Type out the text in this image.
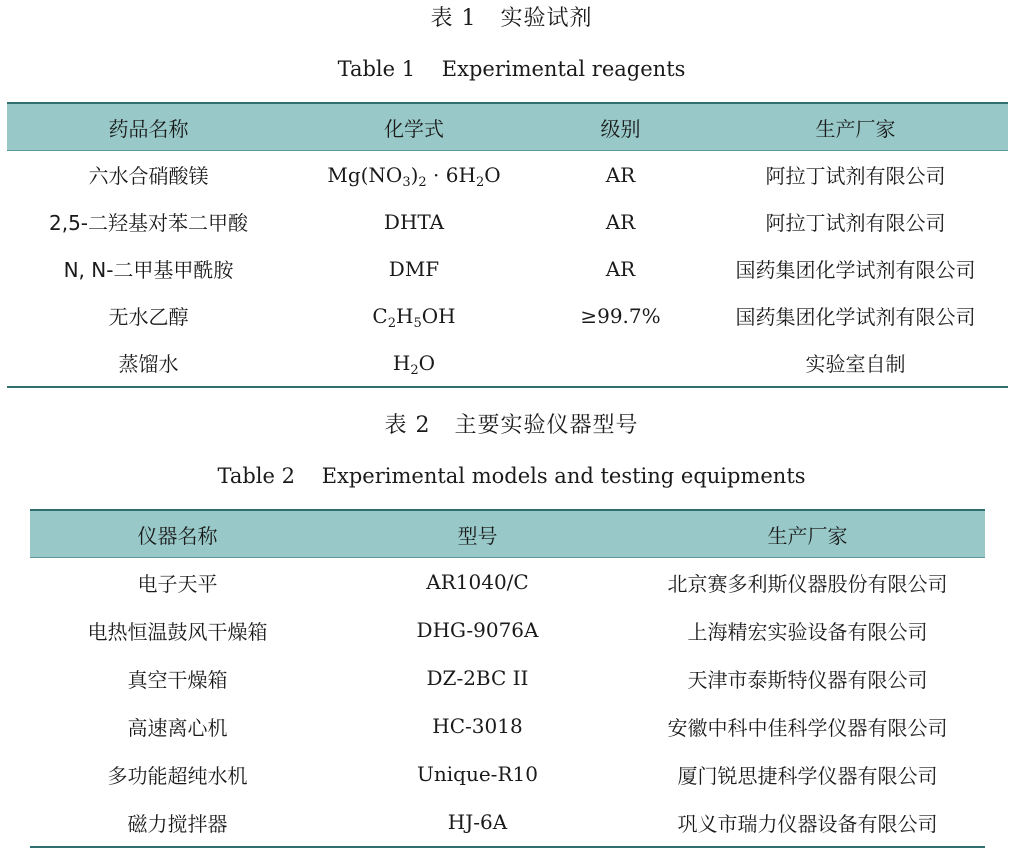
表 1 实验试剂
Table 1 Experimental reagents
药品名称	化学式	级别	生产厂家
六水合硝酸镁	$Mg(NO_3)_2 \cdot 6H_2O$	AR	阿拉丁试剂有限公司
2,5-二羟基对苯二甲酸	DHTA	AR	阿拉丁试剂有限公司
N, N-二甲基甲酰胺	DMF	AR	国药集团化学试剂有限公司
无水乙醇	$C_2H_5OH$	≥99.7%	国药集团化学试剂有限公司
蒸馏水	$H_2O$		实验室自制
表 2 主要实验仪器型号
Table 2 Experimental models and testing equipments
仪器名称	型号	生产厂家
电子天平	AR1040/C	北京赛多利斯仪器股份有限公司
电热恒温鼓风干燥箱	DHG-9076A	上海精宏实验设备有限公司
真空干燥箱	DZ-2BC II	天津市泰斯特仪器有限公司
高速离心机	HC-3018	安徽中科中佳科学仪器有限公司
多功能超纯水机	Unique-R10	厦门锐思捷科学仪器有限公司
磁力搅拌器	HJ-6A	巩义市瑞力仪器设备有限公司
